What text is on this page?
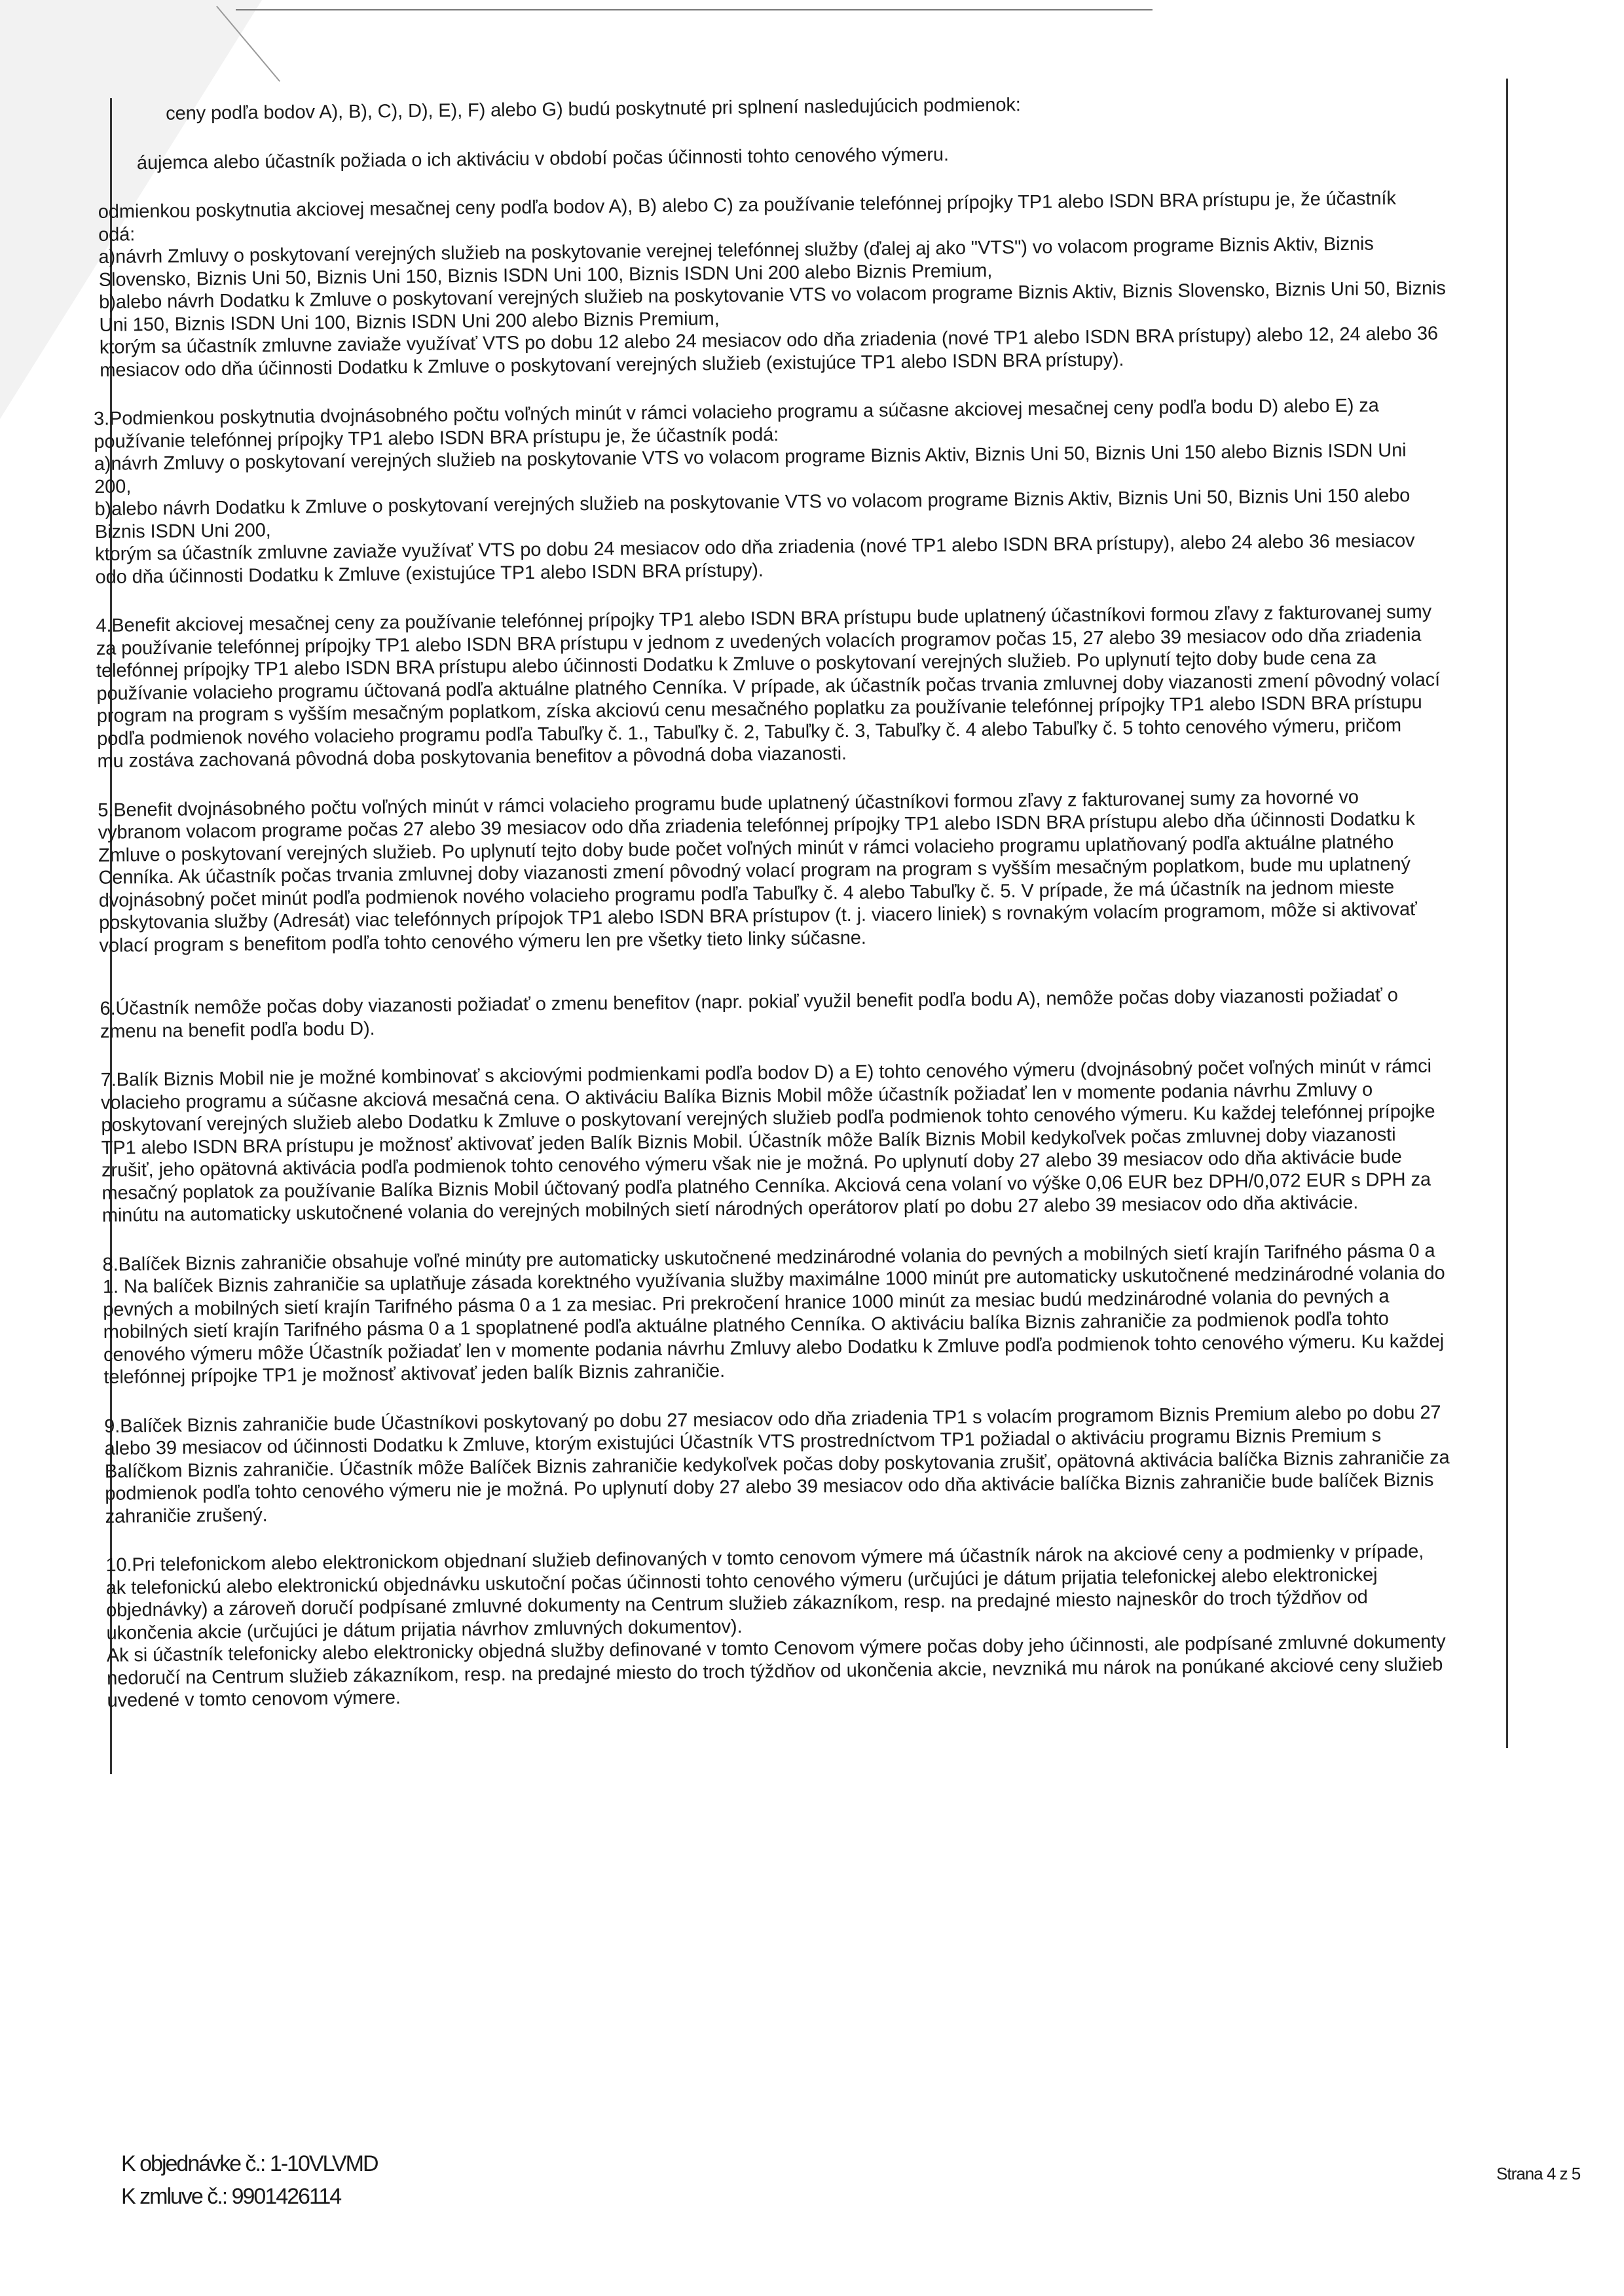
ceny podľa bodov A), B), C), D), E), F) alebo G) budú poskytnuté pri splnení nasledujúcich podmienok:

áujemca alebo účastník požiada o ich aktiváciu v období počas účinnosti tohto cenového výmeru.

odmienkou poskytnutia akciovej mesačnej ceny podľa bodov A), B) alebo C) za používanie telefónnej prípojky TP1 alebo ISDN BRA prístupu je, že účastník
odá:
a)návrh Zmluvy o poskytovaní verejných služieb na poskytovanie verejnej telefónnej služby (ďalej aj ako "VTS") vo volacom programe Biznis Aktiv, Biznis
Slovensko, Biznis Uni 50, Biznis Uni 150, Biznis ISDN Uni 100, Biznis ISDN Uni 200 alebo Biznis Premium,
b)alebo návrh Dodatku k Zmluve o poskytovaní verejných služieb na poskytovanie VTS vo volacom programe Biznis Aktiv, Biznis Slovensko, Biznis Uni 50, Biznis
Uni 150, Biznis ISDN Uni 100, Biznis ISDN Uni 200 alebo Biznis Premium,
ktorým sa účastník zmluvne zaviaže využívať VTS po dobu 12 alebo 24 mesiacov odo dňa zriadenia (nové TP1 alebo ISDN BRA prístupy) alebo 12, 24 alebo 36
mesiacov odo dňa účinnosti Dodatku k Zmluve o poskytovaní verejných služieb (existujúce TP1 alebo ISDN BRA prístupy).

3.Podmienkou poskytnutia dvojnásobného počtu voľných minút v rámci volacieho programu a súčasne akciovej mesačnej ceny podľa bodu D) alebo E) za
používanie telefónnej prípojky TP1 alebo ISDN BRA prístupu je, že účastník podá:
a)návrh Zmluvy o poskytovaní verejných služieb na poskytovanie VTS vo volacom programe Biznis Aktiv, Biznis Uni 50, Biznis Uni 150 alebo Biznis ISDN Uni
200,
b)alebo návrh Dodatku k Zmluve o poskytovaní verejných služieb na poskytovanie VTS vo volacom programe Biznis Aktiv, Biznis Uni 50, Biznis Uni 150 alebo
Biznis ISDN Uni 200,
ktorým sa účastník zmluvne zaviaže využívať VTS po dobu 24 mesiacov odo dňa zriadenia (nové TP1 alebo ISDN BRA prístupy), alebo 24 alebo 36 mesiacov
odo dňa účinnosti Dodatku k Zmluve (existujúce TP1 alebo ISDN BRA prístupy).

4.Benefit akciovej mesačnej ceny za používanie telefónnej prípojky TP1 alebo ISDN BRA prístupu bude uplatnený účastníkovi formou zľavy z fakturovanej sumy
za používanie telefónnej prípojky TP1 alebo ISDN BRA prístupu v jednom z uvedených volacích programov počas 15, 27 alebo 39 mesiacov odo dňa zriadenia
telefónnej prípojky TP1 alebo ISDN BRA prístupu alebo účinnosti Dodatku k Zmluve o poskytovaní verejných služieb. Po uplynutí tejto doby bude cena za
používanie volacieho programu účtovaná podľa aktuálne platného Cenníka. V prípade, ak účastník počas trvania zmluvnej doby viazanosti zmení pôvodný volací
program na program s vyšším mesačným poplatkom, získa akciovú cenu mesačného poplatku za používanie telefónnej prípojky TP1 alebo ISDN BRA prístupu
podľa podmienok nového volacieho programu podľa Tabuľky č. 1., Tabuľky č. 2, Tabuľky č. 3, Tabuľky č. 4 alebo Tabuľky č. 5 tohto cenového výmeru, pričom
mu zostáva zachovaná pôvodná doba poskytovania benefitov a pôvodná doba viazanosti.

5.Benefit dvojnásobného počtu voľných minút v rámci volacieho programu bude uplatnený účastníkovi formou zľavy z fakturovanej sumy za hovorné vo
vybranom volacom programe počas 27 alebo 39 mesiacov odo dňa zriadenia telefónnej prípojky TP1 alebo ISDN BRA prístupu alebo dňa účinnosti Dodatku k
Zmluve o poskytovaní verejných služieb. Po uplynutí tejto doby bude počet voľných minút v rámci volacieho programu uplatňovaný podľa aktuálne platného
Cenníka. Ak účastník počas trvania zmluvnej doby viazanosti zmení pôvodný volací program na program s vyšším mesačným poplatkom, bude mu uplatnený
dvojnásobný počet minút podľa podmienok nového volacieho programu podľa Tabuľky č. 4 alebo Tabuľky č. 5. V prípade, že má účastník na jednom mieste
poskytovania služby (Adresát) viac telefónnych prípojok TP1 alebo ISDN BRA prístupov (t. j. viacero liniek) s rovnakým volacím programom, môže si aktivovať
volací program s benefitom podľa tohto cenového výmeru len pre všetky tieto linky súčasne.

6.Účastník nemôže počas doby viazanosti požiadať o zmenu benefitov (napr. pokiaľ využil benefit podľa bodu A), nemôže počas doby viazanosti požiadať o
zmenu na benefit podľa bodu D).

7.Balík Biznis Mobil nie je možné kombinovať s akciovými podmienkami podľa bodov D) a E) tohto cenového výmeru (dvojnásobný počet voľných minút v rámci
volacieho programu a súčasne akciová mesačná cena. O aktiváciu Balíka Biznis Mobil môže účastník požiadať len v momente podania návrhu Zmluvy o
poskytovaní verejných služieb alebo Dodatku k Zmluve o poskytovaní verejných služieb podľa podmienok tohto cenového výmeru. Ku každej telefónnej prípojke
TP1 alebo ISDN BRA prístupu je možnosť aktivovať jeden Balík Biznis Mobil. Účastník môže Balík Biznis Mobil kedykoľvek počas zmluvnej doby viazanosti
zrušiť, jeho opätovná aktivácia podľa podmienok tohto cenového výmeru však nie je možná. Po uplynutí doby 27 alebo 39 mesiacov odo dňa aktivácie bude
mesačný poplatok za používanie Balíka Biznis Mobil účtovaný podľa platného Cenníka. Akciová cena volaní vo výške 0,06 EUR bez DPH/0,072 EUR s DPH za
minútu na automaticky uskutočnené volania do verejných mobilných sietí národných operátorov platí po dobu 27 alebo 39 mesiacov odo dňa aktivácie.

8.Balíček Biznis zahraničie obsahuje voľné minúty pre automaticky uskutočnené medzinárodné volania do pevných a mobilných sietí krajín Tarifného pásma 0 a
1. Na balíček Biznis zahraničie sa uplatňuje zásada korektného využívania služby maximálne 1000 minút pre automaticky uskutočnené medzinárodné volania do
pevných a mobilných sietí krajín Tarifného pásma 0 a 1 za mesiac. Pri prekročení hranice 1000 minút za mesiac budú medzinárodné volania do pevných a
mobilných sietí krajín Tarifného pásma 0 a 1 spoplatnené podľa aktuálne platného Cenníka. O aktiváciu balíka Biznis zahraničie za podmienok podľa tohto
cenového výmeru môže Účastník požiadať len v momente podania návrhu Zmluvy alebo Dodatku k Zmluve podľa podmienok tohto cenového výmeru. Ku každej
telefónnej prípojke TP1 je možnosť aktivovať jeden balík Biznis zahraničie.

9.Balíček Biznis zahraničie bude Účastníkovi poskytovaný po dobu 27 mesiacov odo dňa zriadenia TP1 s volacím programom Biznis Premium alebo po dobu 27
alebo 39 mesiacov od účinnosti Dodatku k Zmluve, ktorým existujúci Účastník VTS prostredníctvom TP1 požiadal o aktiváciu programu Biznis Premium s
Balíčkom Biznis zahraničie. Účastník môže Balíček Biznis zahraničie kedykoľvek počas doby poskytovania zrušiť, opätovná aktivácia balíčka Biznis zahraničie za
podmienok podľa tohto cenového výmeru nie je možná. Po uplynutí doby 27 alebo 39 mesiacov odo dňa aktivácie balíčka Biznis zahraničie bude balíček Biznis
zahraničie zrušený.

10.Pri telefonickom alebo elektronickom objednaní služieb definovaných v tomto cenovom výmere má účastník nárok na akciové ceny a podmienky v prípade,
ak telefonickú alebo elektronickú objednávku uskutoční počas účinnosti tohto cenového výmeru (určujúci je dátum prijatia telefonickej alebo elektronickej
objednávky) a zároveň doručí podpísané zmluvné dokumenty na Centrum služieb zákazníkom, resp. na predajné miesto najneskôr do troch týždňov od
ukončenia akcie (určujúci je dátum prijatia návrhov zmluvných dokumentov).
Ak si účastník telefonicky alebo elektronicky objedná služby definované v tomto Cenovom výmere počas doby jeho účinnosti, ale podpísané zmluvné dokumenty
nedoručí na Centrum služieb zákazníkom, resp. na predajné miesto do troch týždňov od ukončenia akcie, nevzniká mu nárok na ponúkané akciové ceny služieb
uvedené v tomto cenovom výmere.

K objednávke č.: 1-10VLVMD
K zmluve č.: 9901426114
Strana 4 z 5
